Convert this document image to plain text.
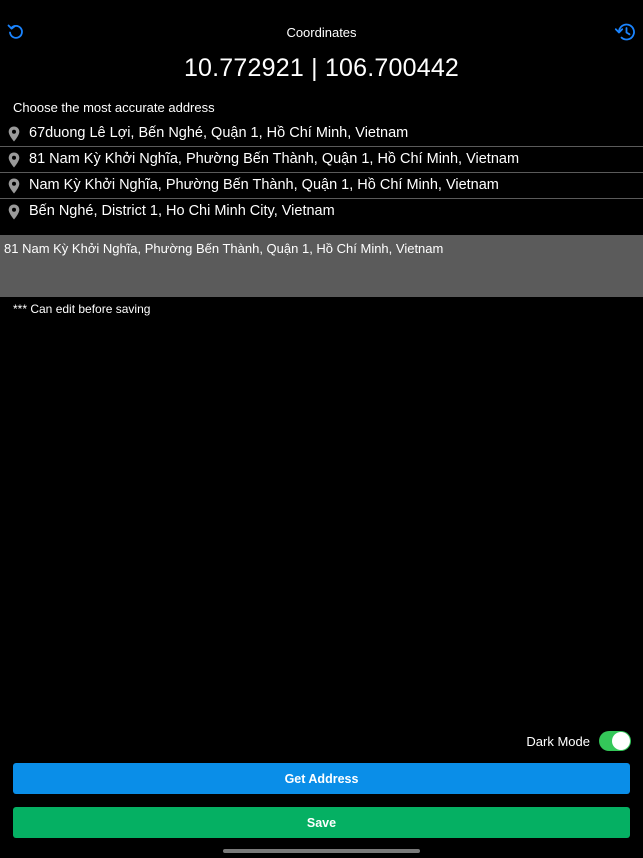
Coordinates
10.772921 | 106.700442
Choose the most accurate address
67duong Lê Lợi, Bến Nghé, Quận 1, Hồ Chí Minh, Vietnam
81 Nam Kỳ Khởi Nghĩa, Phường Bến Thành, Quận 1, Hồ Chí Minh, Vietnam
Nam Kỳ Khởi Nghĩa, Phường Bến Thành, Quận 1, Hồ Chí Minh, Vietnam
Bến Nghé, District 1, Ho Chi Minh City, Vietnam
81 Nam Kỳ Khởi Nghĩa, Phường Bến Thành, Quận 1, Hồ Chí Minh, Vietnam
*** Can edit before saving
Dark Mode
Get Address
Save
